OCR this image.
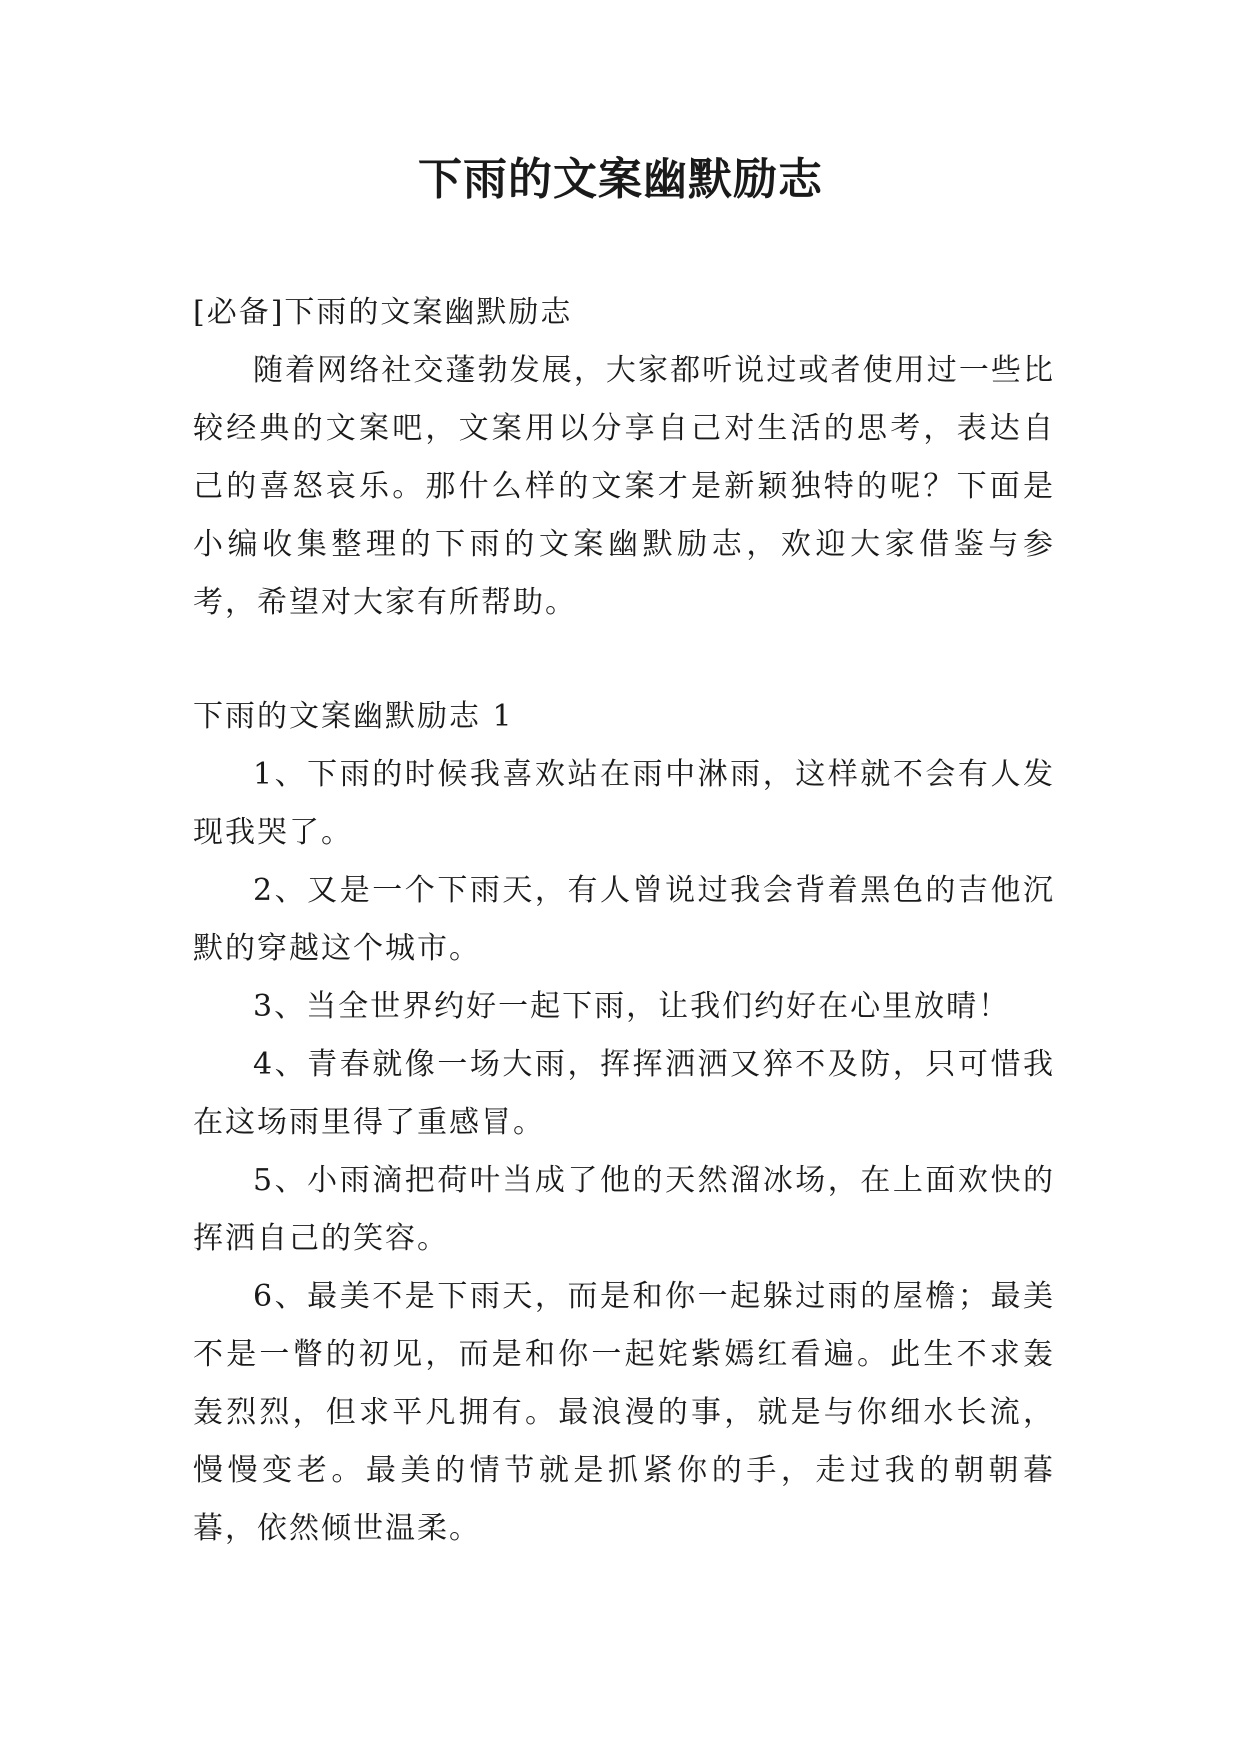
下雨的文案幽默励志

[必备]下雨的文案幽默励志

随着网络社交蓬勃发展，大家都听说过或者使用过一些比较经典的文案吧，文案用以分享自己对生活的思考，表达自己的喜怒哀乐。那什么样的文案才是新颖独特的呢？下面是小编收集整理的下雨的文案幽默励志，欢迎大家借鉴与参考，希望对大家有所帮助。

下雨的文案幽默励志 1

1、下雨的时候我喜欢站在雨中淋雨，这样就不会有人发现我哭了。

2、又是一个下雨天，有人曾说过我会背着黑色的吉他沉默的穿越这个城市。

3、当全世界约好一起下雨，让我们约好在心里放晴！

4、青春就像一场大雨，挥挥洒洒又猝不及防，只可惜我在这场雨里得了重感冒。

5、小雨滴把荷叶当成了他的天然溜冰场，在上面欢快的挥洒自己的笑容。

6、最美不是下雨天，而是和你一起躲过雨的屋檐；最美不是一瞥的初见，而是和你一起姹紫嫣红看遍。此生不求轰轰烈烈，但求平凡拥有。最浪漫的事，就是与你细水长流，慢慢变老。最美的情节就是抓紧你的手，走过我的朝朝暮暮，依然倾世温柔。
